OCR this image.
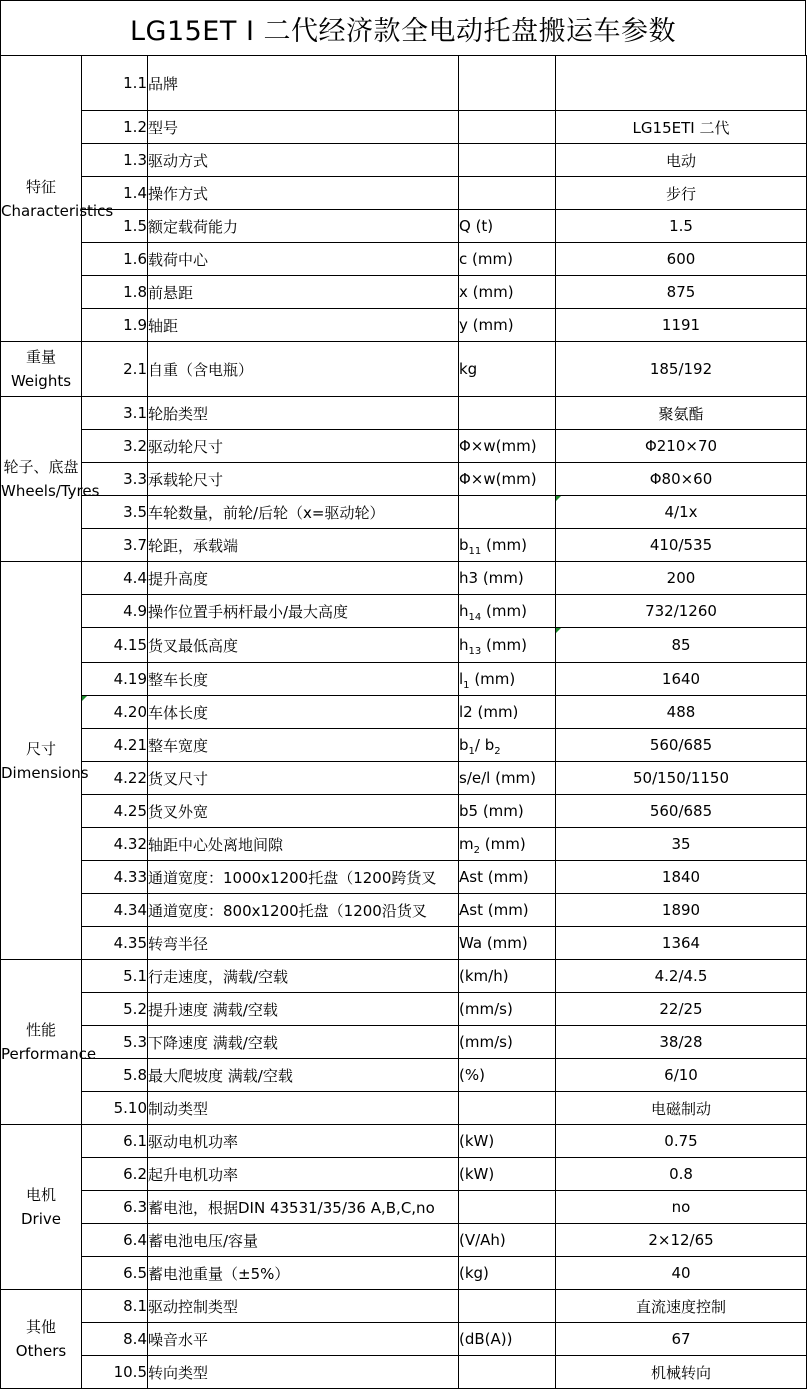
LG15ET Ⅰ 二代经济款全电动托盘搬运车参数
特征
Characteristics	1.1	品牌		
	1.2	型号		LG15ETⅠ 二代
	1.3	驱动方式		电动
	1.4	操作方式		步行
	1.5	额定载荷能力	Q (t)	1.5
	1.6	载荷中心	c (mm)	600
	1.8	前悬距	x (mm)	875
	1.9	轴距	y (mm)	1191

重量
Weights	2.1	自重（含电瓶）	kg	185/192

轮子、底盘
Wheels/Tyres	3.1	轮胎类型		聚氨酯
	3.2	驱动轮尺寸	Φ×w(mm)	Φ210×70
	3.3	承载轮尺寸	Φ×w(mm)	Φ80×60
	3.5	车轮数量，前轮/后轮（x=驱动轮）		4/1x
	3.7	轮距，承载端	$b_{11}$ (mm)	410/535

尺寸
Dimensions	4.4	提升高度	h3 (mm)	200
	4.9	操作位置手柄杆最小/最大高度	$h_{14}$ (mm)	732/1260
	4.15	货叉最低高度	$h_{13}$ (mm)	85
	4.19	整车长度	$l_1$ (mm)	1640
	4.20	车体长度	l2 (mm)	488
	4.21	整车宽度	$b_1/$ $b_2$	560/685
	4.22	货叉尺寸	s/e/l (mm)	50/150/1150
	4.25	货叉外宽	b5 (mm)	560/685
	4.32	轴距中心处离地间隙	$m_2$ (mm)	35
	4.33	通道宽度：1000x1200托盘（1200跨货叉	Ast (mm)	1840
	4.34	通道宽度：800x1200托盘（1200沿货叉	Ast (mm)	1890
	4.35	转弯半径	Wa (mm)	1364

性能
Performance	5.1	行走速度，满载/空载	(km/h)	4.2/4.5
	5.2	提升速度 满载/空载	(mm/s)	22/25
	5.3	下降速度 满载/空载	(mm/s)	38/28
	5.8	最大爬坡度 满载/空载	(%)	6/10
	5.10	制动类型		电磁制动

电机
Drive	6.1	驱动电机功率	(kW)	0.75
	6.2	起升电机功率	(kW)	0.8
	6.3	蓄电池，根据DIN 43531/35/36 A,B,C,no		no
	6.4	蓄电池电压/容量	(V/Ah)	2×12/65
	6.5	蓄电池重量（±5%）	(kg)	40

其他
Others	8.1	驱动控制类型		直流速度控制
	8.4	噪音水平	(dB(A))	67
	10.5	转向类型		机械转向
